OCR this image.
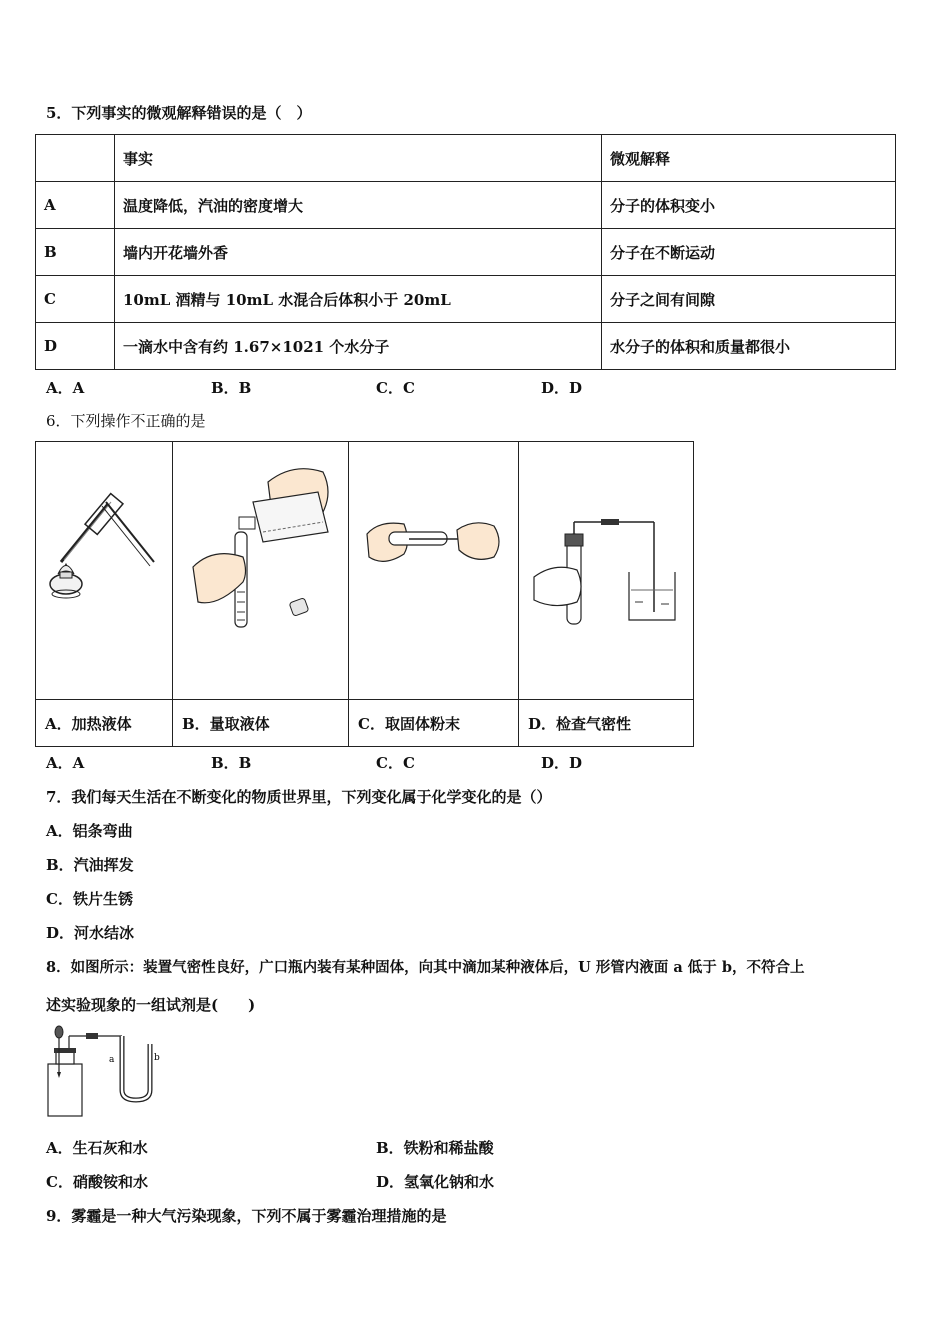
5．下列事实的微观解释错误的是（　）
	事实	微观解释
A	温度降低，汽油的密度增大	分子的体积变小
B	墙内开花墙外香	分子在不断运动
C	10mL 酒精与 10mL 水混合后体积小于 20mL	分子之间有间隙
D	一滴水中含有约 1.67×1021 个水分子	水分子的体积和质量都很小
A．A	B．B	C．C	D．D
6．下列操作不正确的是

A．加热液体	B．量取液体	C．取固体粉末	D．检查气密性
A．A	B．B	C．C	D．D
7．我们每天生活在不断变化的物质世界里，下列变化属于化学变化的是（）
A．铝条弯曲
B．汽油挥发
C．铁片生锈
D．河水结冰
8．如图所示：装置气密性良好，广口瓶内装有某种固体，向其中滴加某种液体后，U 形管内液面 a 低于 b，不符合上
述实验现象的一组试剂是(　　)
a	b
A．生石灰和水	B．铁粉和稀盐酸
C．硝酸铵和水	D．氢氧化钠和水
9．雾霾是一种大气污染现象，下列不属于雾霾治理措施的是
